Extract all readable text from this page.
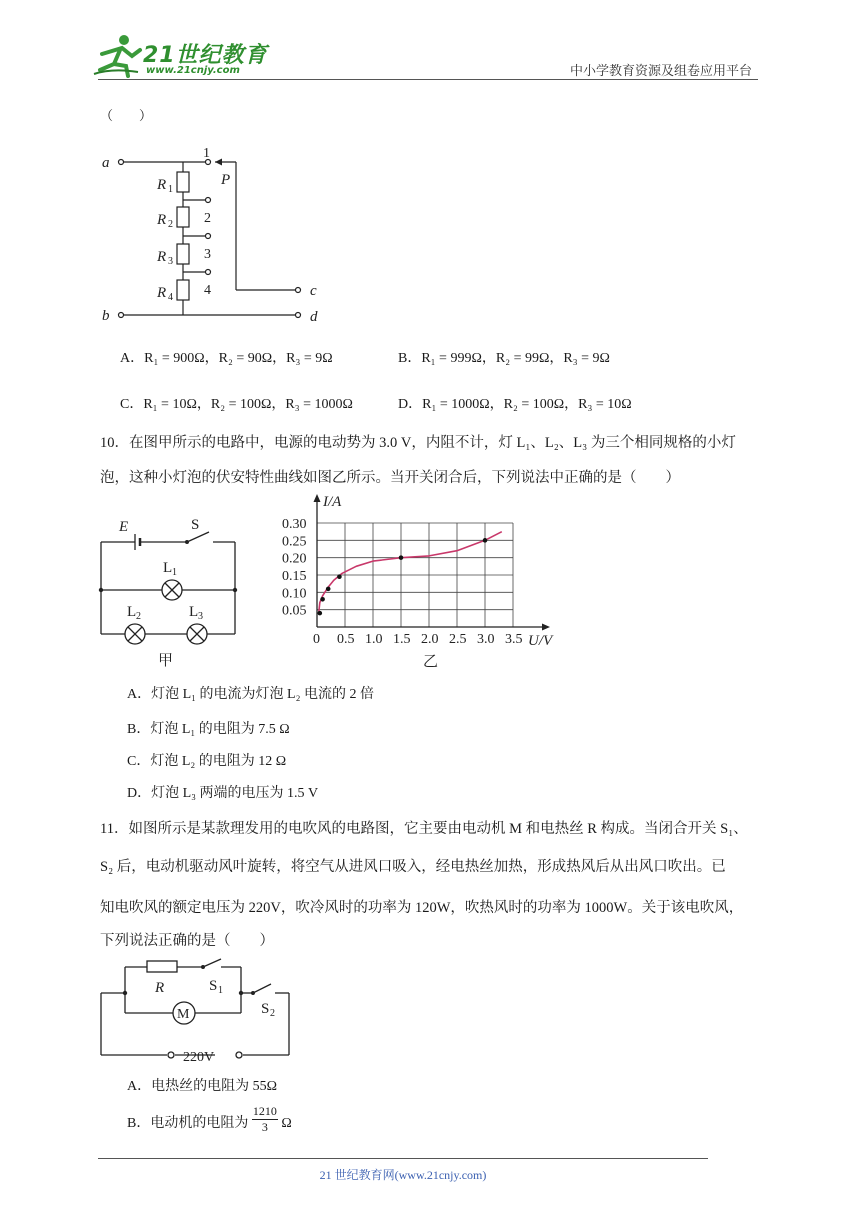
21世纪教育
www.21cnjy.com	中小学教育资源及组卷应用平台
（　　）
a
b
c
d
P
R
R
R
R
1
2
3
4
1
2
3
4
A．R₁ = 900Ω，R₂ = 90Ω，R₃ = 9Ω	B．R₁ = 999Ω，R₂ = 99Ω，R₃ = 9Ω
C．R₁ = 10Ω，R₂ = 100Ω，R₃ = 1000Ω	D．R₁ = 1000Ω，R₂ = 100Ω，R₃ = 10Ω
10．在图甲所示的电路中，电源的电动势为 3.0 V，内阻不计，灯 L₁、L₂、L₃ 为三个相同规格的小灯
泡，这种小灯泡的伏安特性曲线如图乙所示。当开关闭合后，下列说法中正确的是（　　）
E	S
L
L	L
甲
1
2	3
0 0.5 1.0 1.5 2.0 2.5 3.0 3.5
0.05
0.10
0.15
0.20
0.25
0.30
I/A
U/V
乙
A．灯泡 L₁ 的电流为灯泡 L₂ 电流的 2 倍
B．灯泡 L₁ 的电阻为 7.5 Ω
C．灯泡 L₂ 的电阻为 12 Ω
D．灯泡 L₃ 两端的电压为 1.5 V
11．如图所示是某款理发用的电吹风的电路图，它主要由电动机 M 和电热丝 R 构成。当闭合开关 S₁、
S₂ 后，电动机驱动风叶旋转，将空气从进风口吸入，经电热丝加热，形成热风后从出风口吹出。已
知电吹风的额定电压为 220V，吹冷风时的功率为 120W，吹热风时的功率为 1000W。关于该电吹风，
下列说法正确的是（　　）
R	S
S
M
220V
1
2
A．电热丝的电阻为 55Ω
B．电动机的电阻为 $\frac{1210}{3}$ Ω
21 世纪教育网(www.21cnjy.com)
